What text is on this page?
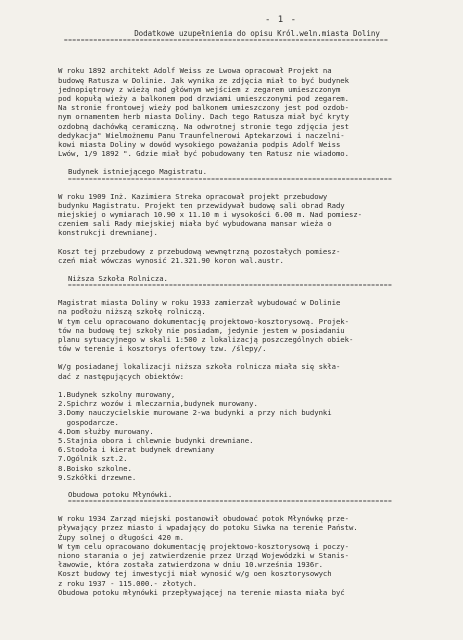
- 1 -
Dodatkowe uzupełnienia do opisu Król.weln.miasta Doliny
=============================================================================
W roku 1892 architekt Adolf Weiss ze Lwowa opracował Projekt na
budowę Ratusza w Dolinie. Jak wynika ze zdjęcia miał to być budynek
jednopiętrowy z wieżą nad głównym wejściem z zegarem umieszczonym
pod kopułą wieży a balkonem pod drzwiami umieszczonymi pod zegarem.
Na stronie frontowej wieży pod balkonem umieszczony jest pod ozdob-
nym ornamentem herb miasta Doliny. Dach tego Ratusza miał być kryty
ozdobną dachówką ceramiczną. Na odwrotnej stronie tego zdjęcia jest
dedykacja" Wielmożnemu Panu Traunfelnerowi Aptekarzowi i naczelni-
kowi miasta Doliny w dowód wysokiego poważania podpis Adolf Weiss
Lwów, 1/9 1892 ". Gdzie miał być pobudowany ten Ratusz nie wiadomo.
Budynek istniejącego Magistratu.
=============================================================================
W roku 1909 Inż. Kazimiera Streka opracował projekt przebudowy
budynku Magistratu. Projekt ten przewidywał budowę sali obrad Rady
miejskiej o wymiarach 10.90 x 11.10 m i wysokości 6.00 m. Nad pomiesz-
czeniem sali Rady miejskiej miała być wybudowana mansar wieża o
konstrukcji drewnianej.
Koszt tej przebudowy z przebudową wewnętrzną pozostałych pomiesz-
czeń miał wówczas wynosić 21.321.90 koron wal.austr.
Niższa Szkoła Rolnicza.
=============================================================================
Magistrat miasta Doliny w roku 1933 zamierzał wybudować w Dolinie
na podłożu niższą szkołę rolniczą.
W tym celu opracowano dokumentację projektowo-kosztorysową. Projek-
tów na budowę tej szkoły nie posiadam, jedynie jestem w posiadaniu
planu sytuacyjnego w skali 1:500 z lokalizacją poszczególnych obiek-
tów w terenie i kosztorys ofertowy tzw. /ślepy/.
W/g posiadanej lokalizacji niższa szkoła rolnicza miała się skła-
dać z następujących obiektów:
1.Budynek szkolny murowany,
2.Spichrz wozów i mleczarnia,budynek murowany.
3.Domy nauczycielskie murowane 2-wa budynki a przy nich budynki
gospodarcze.
4.Dom służby murowany.
5.Stajnia obora i chlewnie budynki drewniane.
6.Stodoła i kierat budynek drewniany
7.Ogólnik szt.2.
8.Boisko szkolne.
9.Szkółki drzewne.
Obudowa potoku Młynówki.
=============================================================================
W roku 1934 Zarząd miejski postanowił obudować potok Młynówkę prze-
pływający przez miasto i wpadający do potoku Siwka na terenie Państw.
Żupy solnej o długości 420 m.
W tym celu opracowano dokumentację projektowo-kosztorysową i poczy-
niono starania o jej zatwierdzenie przez Urząd Wojewódzki w Stanis-
ławowie, która została zatwierdzona w dniu 10.września 1936r.
Koszt budowy tej inwestycji miał wynosić w/g oen kosztorysowych
z roku 1937 - 115.000.- złotych.
Obudowa potoku młynówki przepływającej na terenie miasta miała być
